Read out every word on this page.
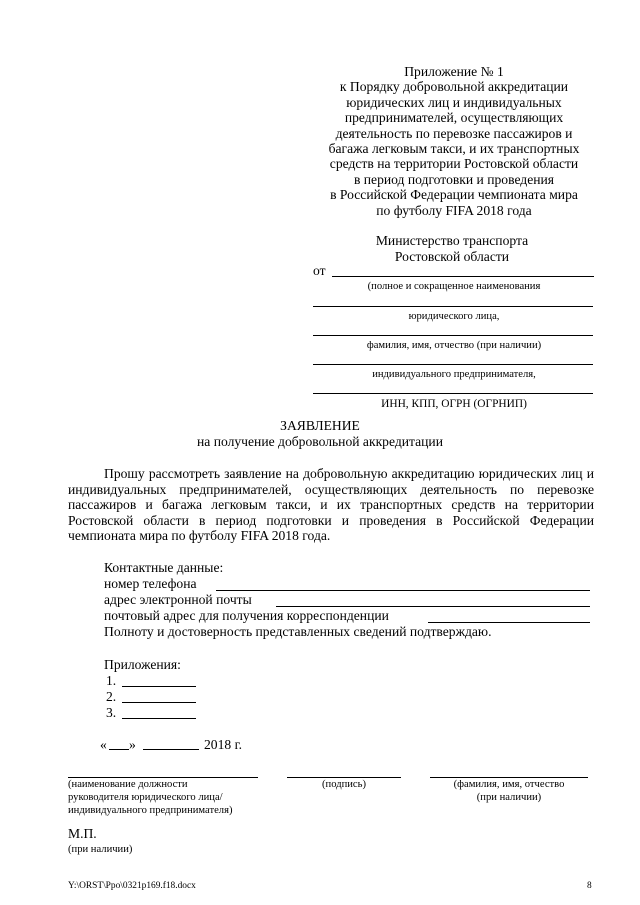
Приложение № 1
к Порядку добровольной аккредитации
юридических лиц и индивидуальных
предпринимателей, осуществляющих
деятельность по перевозке пассажиров и
багажа легковым такси, и их транспортных
средств на территории Ростовской области
в период подготовки и проведения
в Российской Федерации чемпионата мира
по футболу FIFA 2018 года
Министерство транспорта
Ростовской области
от
(полное и сокращенное наименования
юридического лица,
фамилия, имя, отчество (при наличии)
индивидуального предпринимателя,
ИНН, КПП, ОГРН (ОГРНИП)
ЗАЯВЛЕНИЕ
на получение добровольной аккредитации
Прошу рассмотреть заявление на добровольную аккредитацию юридических лиц и индивидуальных предпринимателей, осуществляющих деятельность по перевозке пассажиров и багажа легковым такси, и их транспортных средств на территории Ростовской области в период подготовки и проведения в Российской Федерации чемпионата мира по футболу FIFA 2018 года.
Контактные данные:
номер телефона
адрес электронной почты
почтовый адрес для получения корреспонденции
Полноту и достоверность представленных сведений подтверждаю.
Приложения:
1.
2.
3.
« »	2018 г.
(наименование должности
руководителя юридического лица/
индивидуального предпринимателя)
(подпись)	(фамилия, имя, отчество
(при наличии)
М.П.
(при наличии)
Y:\ORST\Ppo\0321p169.f18.docx	8
